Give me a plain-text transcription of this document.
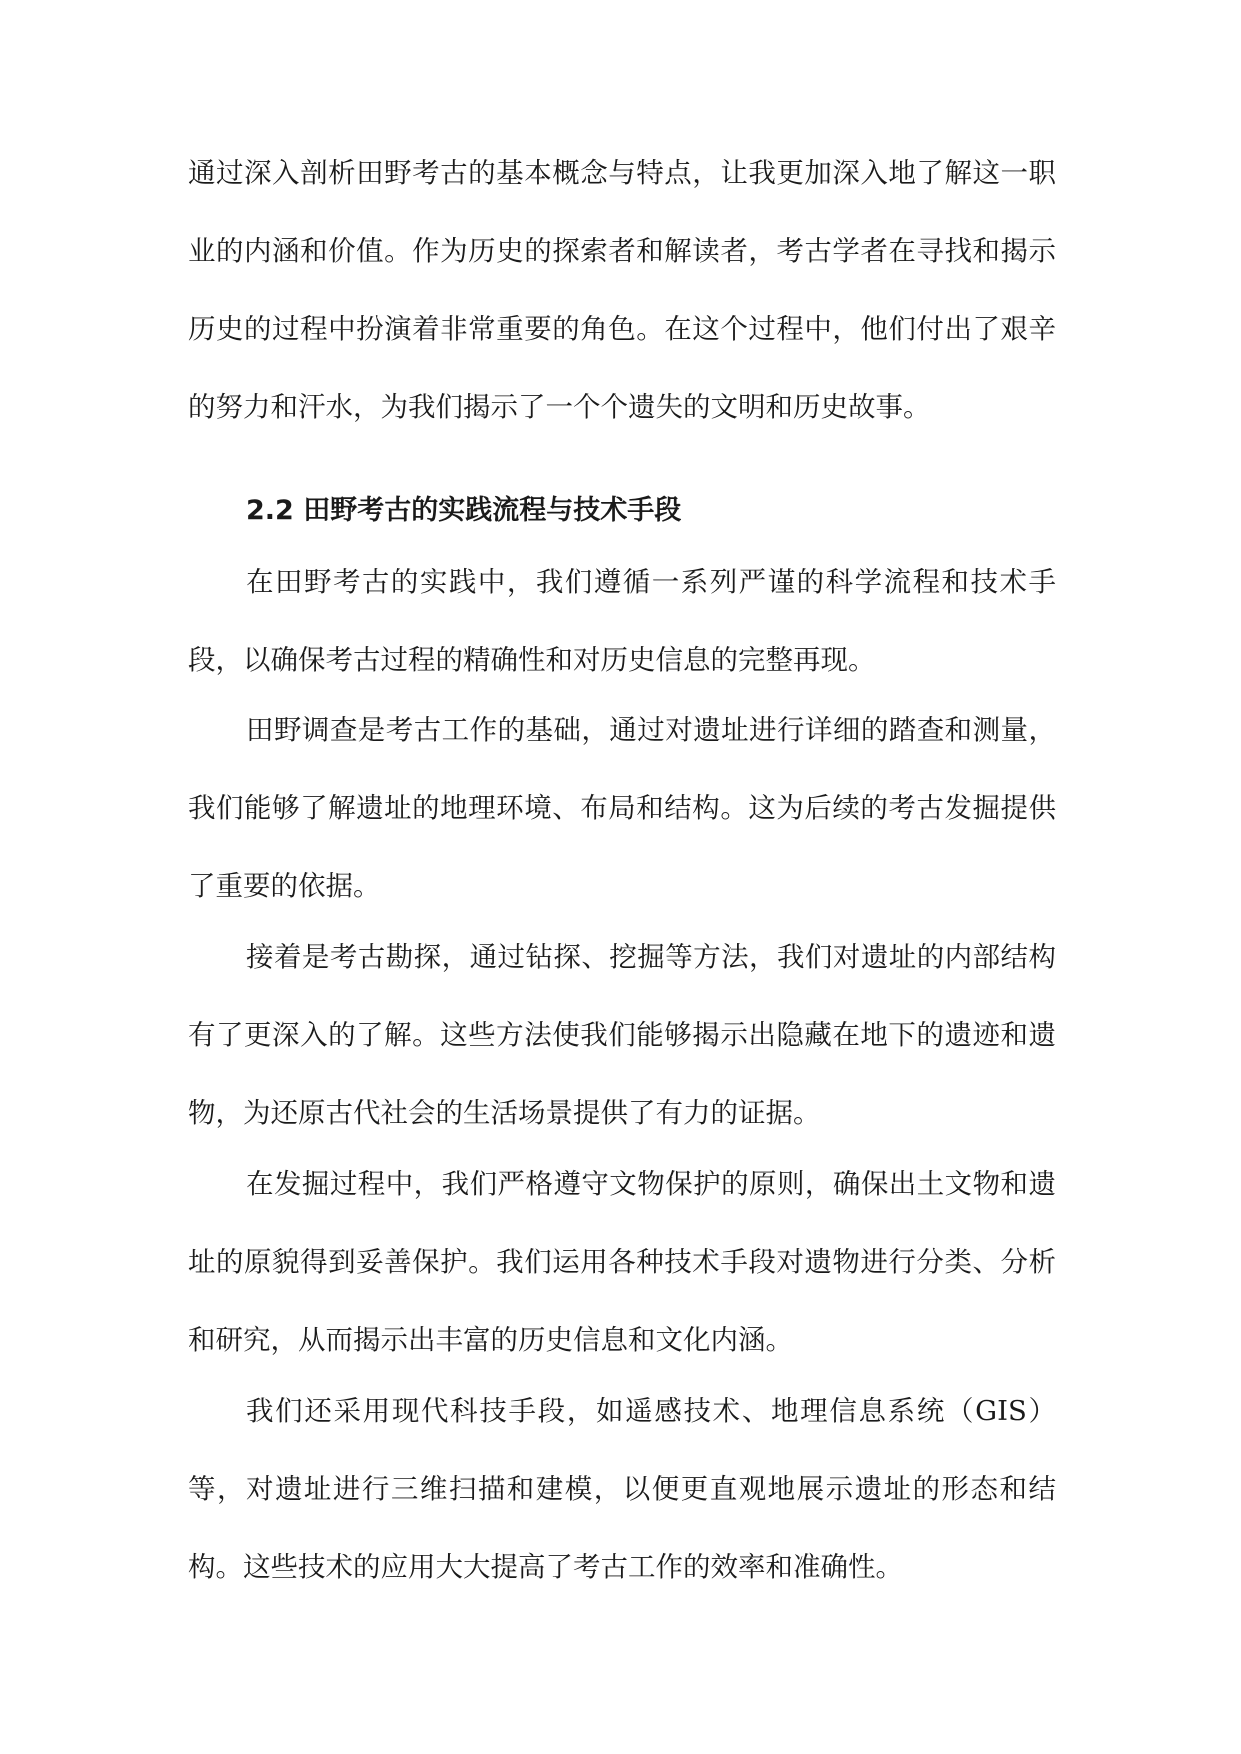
通过深入剖析田野考古的基本概念与特点，让我更加深入地了解这一职业的内涵和价值。作为历史的探索者和解读者，考古学者在寻找和揭示历史的过程中扮演着非常重要的角色。在这个过程中，他们付出了艰辛的努力和汗水，为我们揭示了一个个遗失的文明和历史故事。

2.2 田野考古的实践流程与技术手段

在田野考古的实践中，我们遵循一系列严谨的科学流程和技术手段，以确保考古过程的精确性和对历史信息的完整再现。

田野调查是考古工作的基础，通过对遗址进行详细的踏查和测量，我们能够了解遗址的地理环境、布局和结构。这为后续的考古发掘提供了重要的依据。

接着是考古勘探，通过钻探、挖掘等方法，我们对遗址的内部结构有了更深入的了解。这些方法使我们能够揭示出隐藏在地下的遗迹和遗物，为还原古代社会的生活场景提供了有力的证据。

在发掘过程中，我们严格遵守文物保护的原则，确保出土文物和遗址的原貌得到妥善保护。我们运用各种技术手段对遗物进行分类、分析和研究，从而揭示出丰富的历史信息和文化内涵。

我们还采用现代科技手段，如遥感技术、地理信息系统（GIS）等，对遗址进行三维扫描和建模，以便更直观地展示遗址的形态和结构。这些技术的应用大大提高了考古工作的效率和准确性。
